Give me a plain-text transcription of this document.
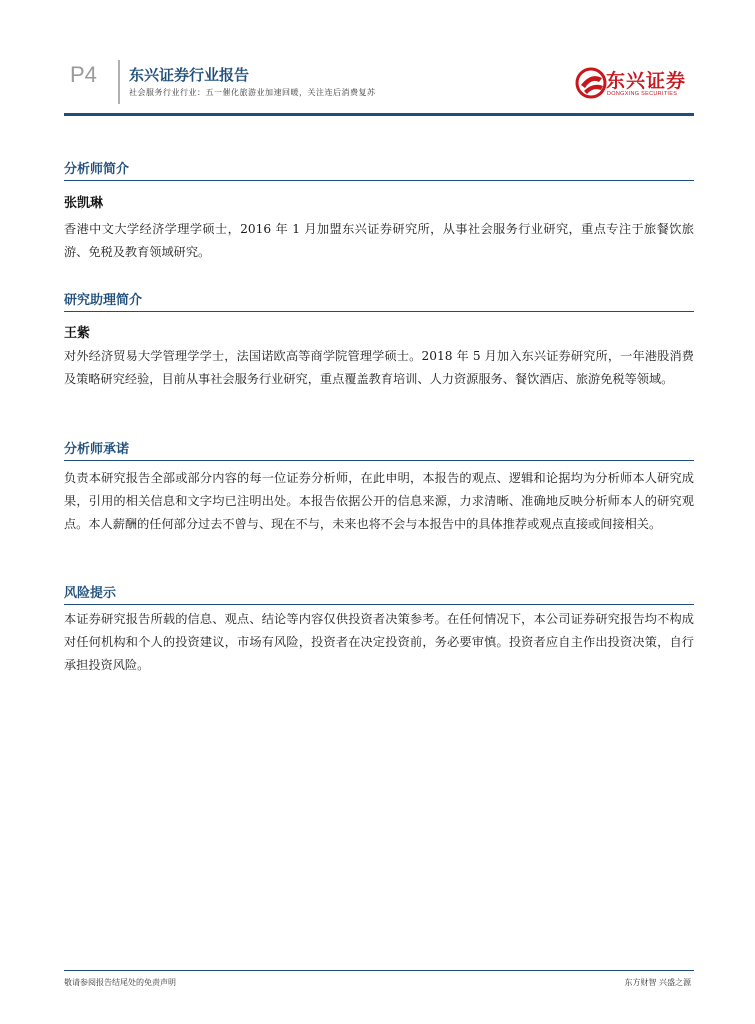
P4 东兴证券行业报告
社会服务行业行业：五一催化旅游业加速回暖，关注连后消费复苏
东兴证券
DONGXING SECURITIES
分析师简介
张凯琳
香港中文大学经济学理学硕士，2016 年 1 月加盟东兴证券研究所，从事社会服务行业研究，重点专注于旅餐饮旅游、免税及教育领域研究。
研究助理简介
王紫
对外经济贸易大学管理学学士，法国诺欧高等商学院管理学硕士。2018 年 5 月加入东兴证券研究所，一年港股消费及策略研究经验，目前从事社会服务行业研究，重点覆盖教育培训、人力资源服务、餐饮酒店、旅游免税等领域。
分析师承诺
负责本研究报告全部或部分内容的每一位证券分析师，在此申明，本报告的观点、逻辑和论据均为分析师本人研究成果，引用的相关信息和文字均已注明出处。本报告依据公开的信息来源，力求清晰、准确地反映分析师本人的研究观点。本人薪酬的任何部分过去不曾与、现在不与，未来也将不会与本报告中的具体推荐或观点直接或间接相关。
风险提示
本证券研究报告所载的信息、观点、结论等内容仅供投资者决策参考。在任何情况下，本公司证券研究报告均不构成对任何机构和个人的投资建议，市场有风险，投资者在决定投资前，务必要审慎。投资者应自主作出投资决策，自行承担投资风险。
敬请参阅报告结尾处的免责声明	东方财智 兴盛之源
